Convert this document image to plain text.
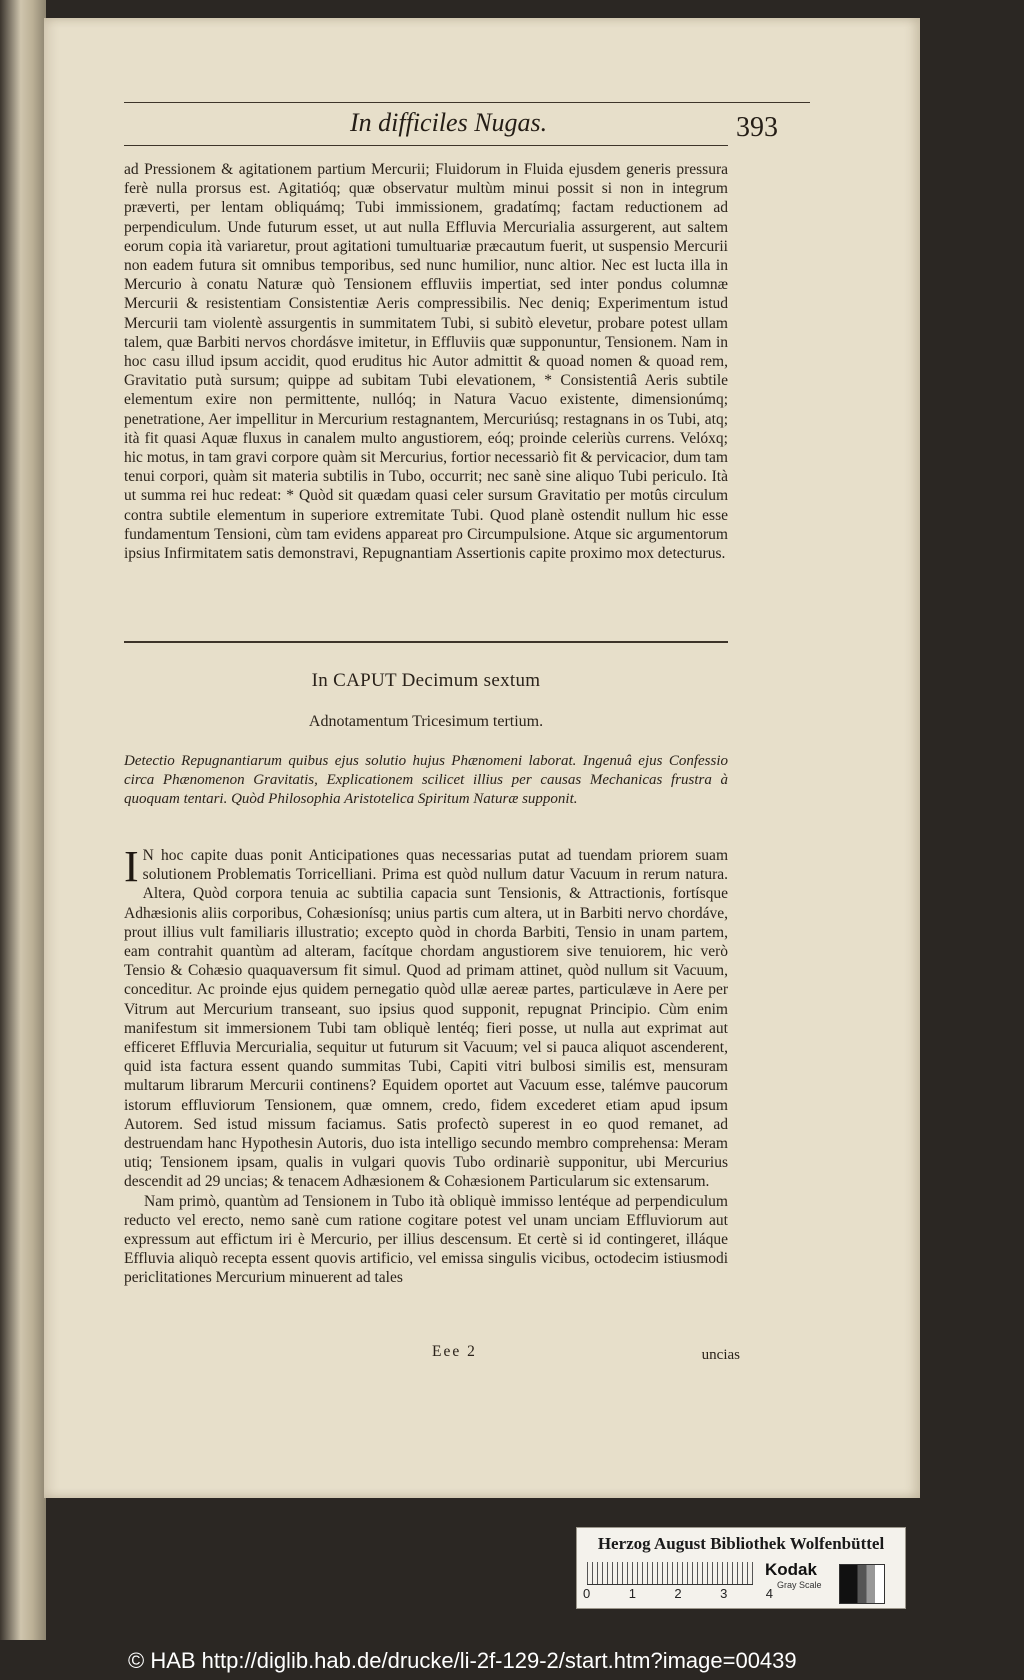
In difficiles Nugas.	393

ad Pressionem & agitationem partium Mercurii; Fluidorum in Fluida ejusdem generis pressura ferè nulla prorsus est. Agitatióq; quæ observatur multùm minui possit si non in integrum præverti, per lentam obliquámq; Tubi immissionem, gradatímq; factam reductionem ad perpendiculum. Unde futurum esset, ut aut nulla Effluvia Mercurialia assurgerent, aut saltem eorum copia ità variaretur, prout agitationi tumultuariæ præcautum fuerit, ut suspensio Mercurii non eadem futura sit omnibus temporibus, sed nunc humilior, nunc altior. Nec est lucta illa in Mercurio à conatu Naturæ quò Tensionem effluviis impertiat, sed inter pondus columnæ Mercurii & resistentiam Consistentiæ Aeris compressibilis. Nec deniq; Experimentum istud Mercurii tam violentè assurgentis in summitatem Tubi, si subitò elevetur, probare potest ullam talem, quæ Barbiti nervos chordásve imitetur, in Effluviis quæ supponuntur, Tensionem. Nam in hoc casu illud ipsum accidit, quod eruditus hic Autor admittit & quoad nomen & quoad rem, Gravitatio putà sursum; quippe ad subitam Tubi elevationem, * Consistentiâ Aeris subtile elementum exire non permittente, nullóq; in Natura Vacuo existente, dimensionúmq; penetratione, Aer impellitur in Mercurium restagnantem, Mercuriúsq; restagnans in os Tubi, atq; ità fit quasi Aquæ fluxus in canalem multo angustiorem, eóq; proinde celeriùs currens. Velóxq; hic motus, in tam gravi corpore quàm sit Mercurius, fortior necessariò fit & pervicacior, dum tam tenui corpori, quàm sit materia subtilis in Tubo, occurrit; nec sanè sine aliquo Tubi periculo. Ità ut summa rei huc redeat: * Quòd sit quædam quasi celer sursum Gravitatio per motûs circulum contra subtile elementum in superiore extremitate Tubi. Quod planè ostendit nullum hic esse fundamentum Tensioni, cùm tam evidens appareat pro Circumpulsione. Atque sic argumentorum ipsius Infirmitatem satis demonstravi, Repugnantiam Assertionis capite proximo mox detecturus.

In CAPUT Decimum sextum
Adnotamentum Tricesimum tertium.

Detectio Repugnantiarum quibus ejus solutio hujus Phænomeni laborat. Ingenuâ ejus Confessio circa Phænomenon Gravitatis, Explicationem scilicet illius per causas Mechanicas frustra à quoquam tentari. Quòd Philosophia Aristotelica Spiritum Naturæ supponit.

I N hoc capite duas ponit Anticipationes quas necessarias putat ad tuendam priorem suam solutionem Problematis Torricelliani. Prima est quòd nullum datur Vacuum in rerum natura. Altera, Quòd corpora tenuia ac subtilia capacia sunt Tensionis, & Attractionis, fortísque Adhæsionis aliis corporibus, Cohæsionísq; unius partis cum altera, ut in Barbiti nervo chordáve, prout illius vult familiaris illustratio; excepto quòd in chorda Barbiti, Tensio in unam partem, eam contrahit quantùm ad alteram, facítque chordam angustiorem sive tenuiorem, hic verò Tensio & Cohæsio quaquaversum fit simul. Quod ad primam attinet, quòd nullum sit Vacuum, conceditur. Ac proinde ejus quidem pernegatio quòd ullæ aereæ partes, particulæve in Aere per Vitrum aut Mercurium transeant, suo ipsius quod supponit, repugnat Principio. Cùm enim manifestum sit immersionem Tubi tam obliquè lentéq; fieri posse, ut nulla aut exprimat aut efficeret Effluvia Mercurialia, sequitur ut futurum sit Vacuum; vel si pauca aliquot ascenderent, quid ista factura essent quando summitas Tubi, Capiti vitri bulbosi similis est, mensuram multarum librarum Mercurii continens? Equidem oportet aut Vacuum esse, talémve paucorum istorum effluviorum Tensionem, quæ omnem, credo, fidem excederet etiam apud ipsum Autorem. Sed istud missum faciamus. Satis profectò superest in eo quod remanet, ad destruendam hanc Hypothesin Autoris, duo ista intelligo secundo membro comprehensa: Meram utiq; Tensionem ipsam, qualis in vulgari quovis Tubo ordinariè supponitur, ubi Mercurius descendit ad 29 uncias; & tenacem Adhæsionem & Cohæsionem Particularum sic extensarum.

Nam primò, quantùm ad Tensionem in Tubo ità obliquè immisso lentéque ad perpendiculum reducto vel erecto, nemo sanè cum ratione cogitare potest vel unam unciam Effluviorum aut expressum aut effictum iri è Mercurio, per illius descensum. Et certè si id contingeret, illáque Effluvia aliquò recepta essent quovis artificio, vel emissa singulis vicibus, octodecim istiusmodi periclitationes Mercurium minuerent ad tales

Eee 2	uncias
Herzog August Bibliothek Wolfenbüttel
0	1	2	3	4
Kodak
Gray Scale
© HAB http://diglib.hab.de/drucke/li-2f-129-2/start.htm?image=00439
